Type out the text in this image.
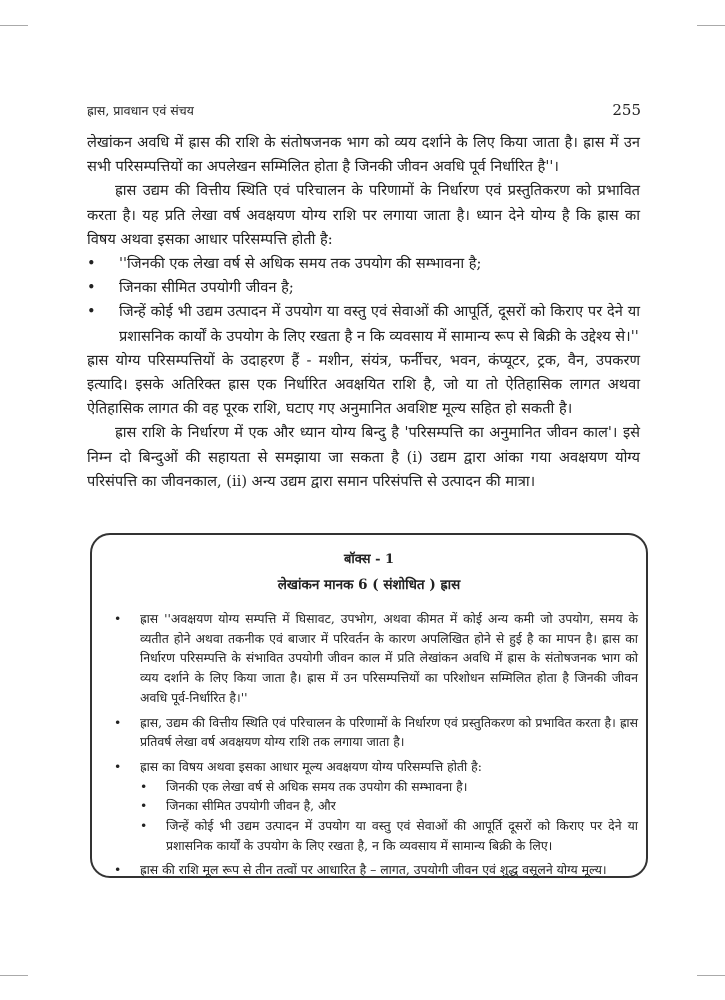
ह्रास, प्रावधान एवं संचय	255

लेखांकन अवधि में ह्रास की राशि के संतोषजनक भाग को व्यय दर्शाने के लिए किया जाता है। ह्रास में उन सभी परिसम्पत्तियों का अपलेखन सम्मिलित होता है जिनकी जीवन अवधि पूर्व निर्धारित है''।

ह्रास उद्यम की वित्तीय स्थिति एवं परिचालन के परिणामों के निर्धारण एवं प्रस्तुतिकरण को प्रभावित करता है। यह प्रति लेखा वर्ष अवक्षयण योग्य राशि पर लगाया जाता है। ध्यान देने योग्य है कि ह्रास का विषय अथवा इसका आधार परिसम्पत्ति होती है:

• ''जिनकी एक लेखा वर्ष से अधिक समय तक उपयोग की सम्भावना है;
• जिनका सीमित उपयोगी जीवन है;
• जिन्हें कोई भी उद्यम उत्पादन में उपयोग या वस्तु एवं सेवाओं की आपूर्ति, दूसरों को किराए पर देने या प्रशासनिक कार्यों के उपयोग के लिए रखता है न कि व्यवसाय में सामान्य रूप से बिक्री के उद्देश्य से।''

ह्रास योग्य परिसम्पत्तियों के उदाहरण हैं - मशीन, संयंत्र, फर्नीचर, भवन, कंप्यूटर, ट्रक, वैन, उपकरण इत्यादि। इसके अतिरिक्त ह्रास एक निर्धारित अवक्षयित राशि है, जो या तो ऐतिहासिक लागत अथवा ऐतिहासिक लागत की वह पूरक राशि, घटाए गए अनुमानित अवशिष्ट मूल्य सहित हो सकती है।

ह्रास राशि के निर्धारण में एक और ध्यान योग्य बिन्दु है 'परिसम्पत्ति का अनुमानित जीवन काल'। इसे निम्न दो बिन्दुओं की सहायता से समझाया जा सकता है (i) उद्यम द्वारा आंका गया अवक्षयण योग्य परिसंपत्ति का जीवनकाल, (ii) अन्य उद्यम द्वारा समान परिसंपत्ति से उत्पादन की मात्रा।

बॉक्स - 1
लेखांकन मानक 6 ( संशोधित ) ह्रास
• ह्रास ''अवक्षयण योग्य सम्पत्ति में घिसावट, उपभोग, अथवा कीमत में कोई अन्य कमी जो उपयोग, समय के व्यतीत होने अथवा तकनीक एवं बाजार में परिवर्तन के कारण अपलिखित होने से हुई है का मापन है। ह्रास का निर्धारण परिसम्पत्ति के संभावित उपयोगी जीवन काल में प्रति लेखांकन अवधि में ह्रास के संतोषजनक भाग को व्यय दर्शाने के लिए किया जाता है। ह्रास में उन परिसम्पत्तियों का परिशोधन सम्मिलित होता है जिनकी जीवन अवधि पूर्व-निर्धारित है।''
• ह्रास, उद्यम की वित्तीय स्थिति एवं परिचालन के परिणामों के निर्धारण एवं प्रस्तुतिकरण को प्रभावित करता है। ह्रास प्रतिवर्ष लेखा वर्ष अवक्षयण योग्य राशि तक लगाया जाता है।
• ह्रास का विषय अथवा इसका आधार मूल्य अवक्षयण योग्य परिसम्पत्ति होती है:
• जिनकी एक लेखा वर्ष से अधिक समय तक उपयोग की सम्भावना है।
• जिनका सीमित उपयोगी जीवन है, और
• जिन्हें कोई भी उद्यम उत्पादन में उपयोग या वस्तु एवं सेवाओं की आपूर्ति दूसरों को किराए पर देने या प्रशासनिक कार्यों के उपयोग के लिए रखता है, न कि व्यवसाय में सामान्य बिक्री के लिए।
• ह्रास की राशि मूल रूप से तीन तत्वों पर आधारित है – लागत, उपयोगी जीवन एवं शुद्ध वसूलने योग्य मूल्य।
